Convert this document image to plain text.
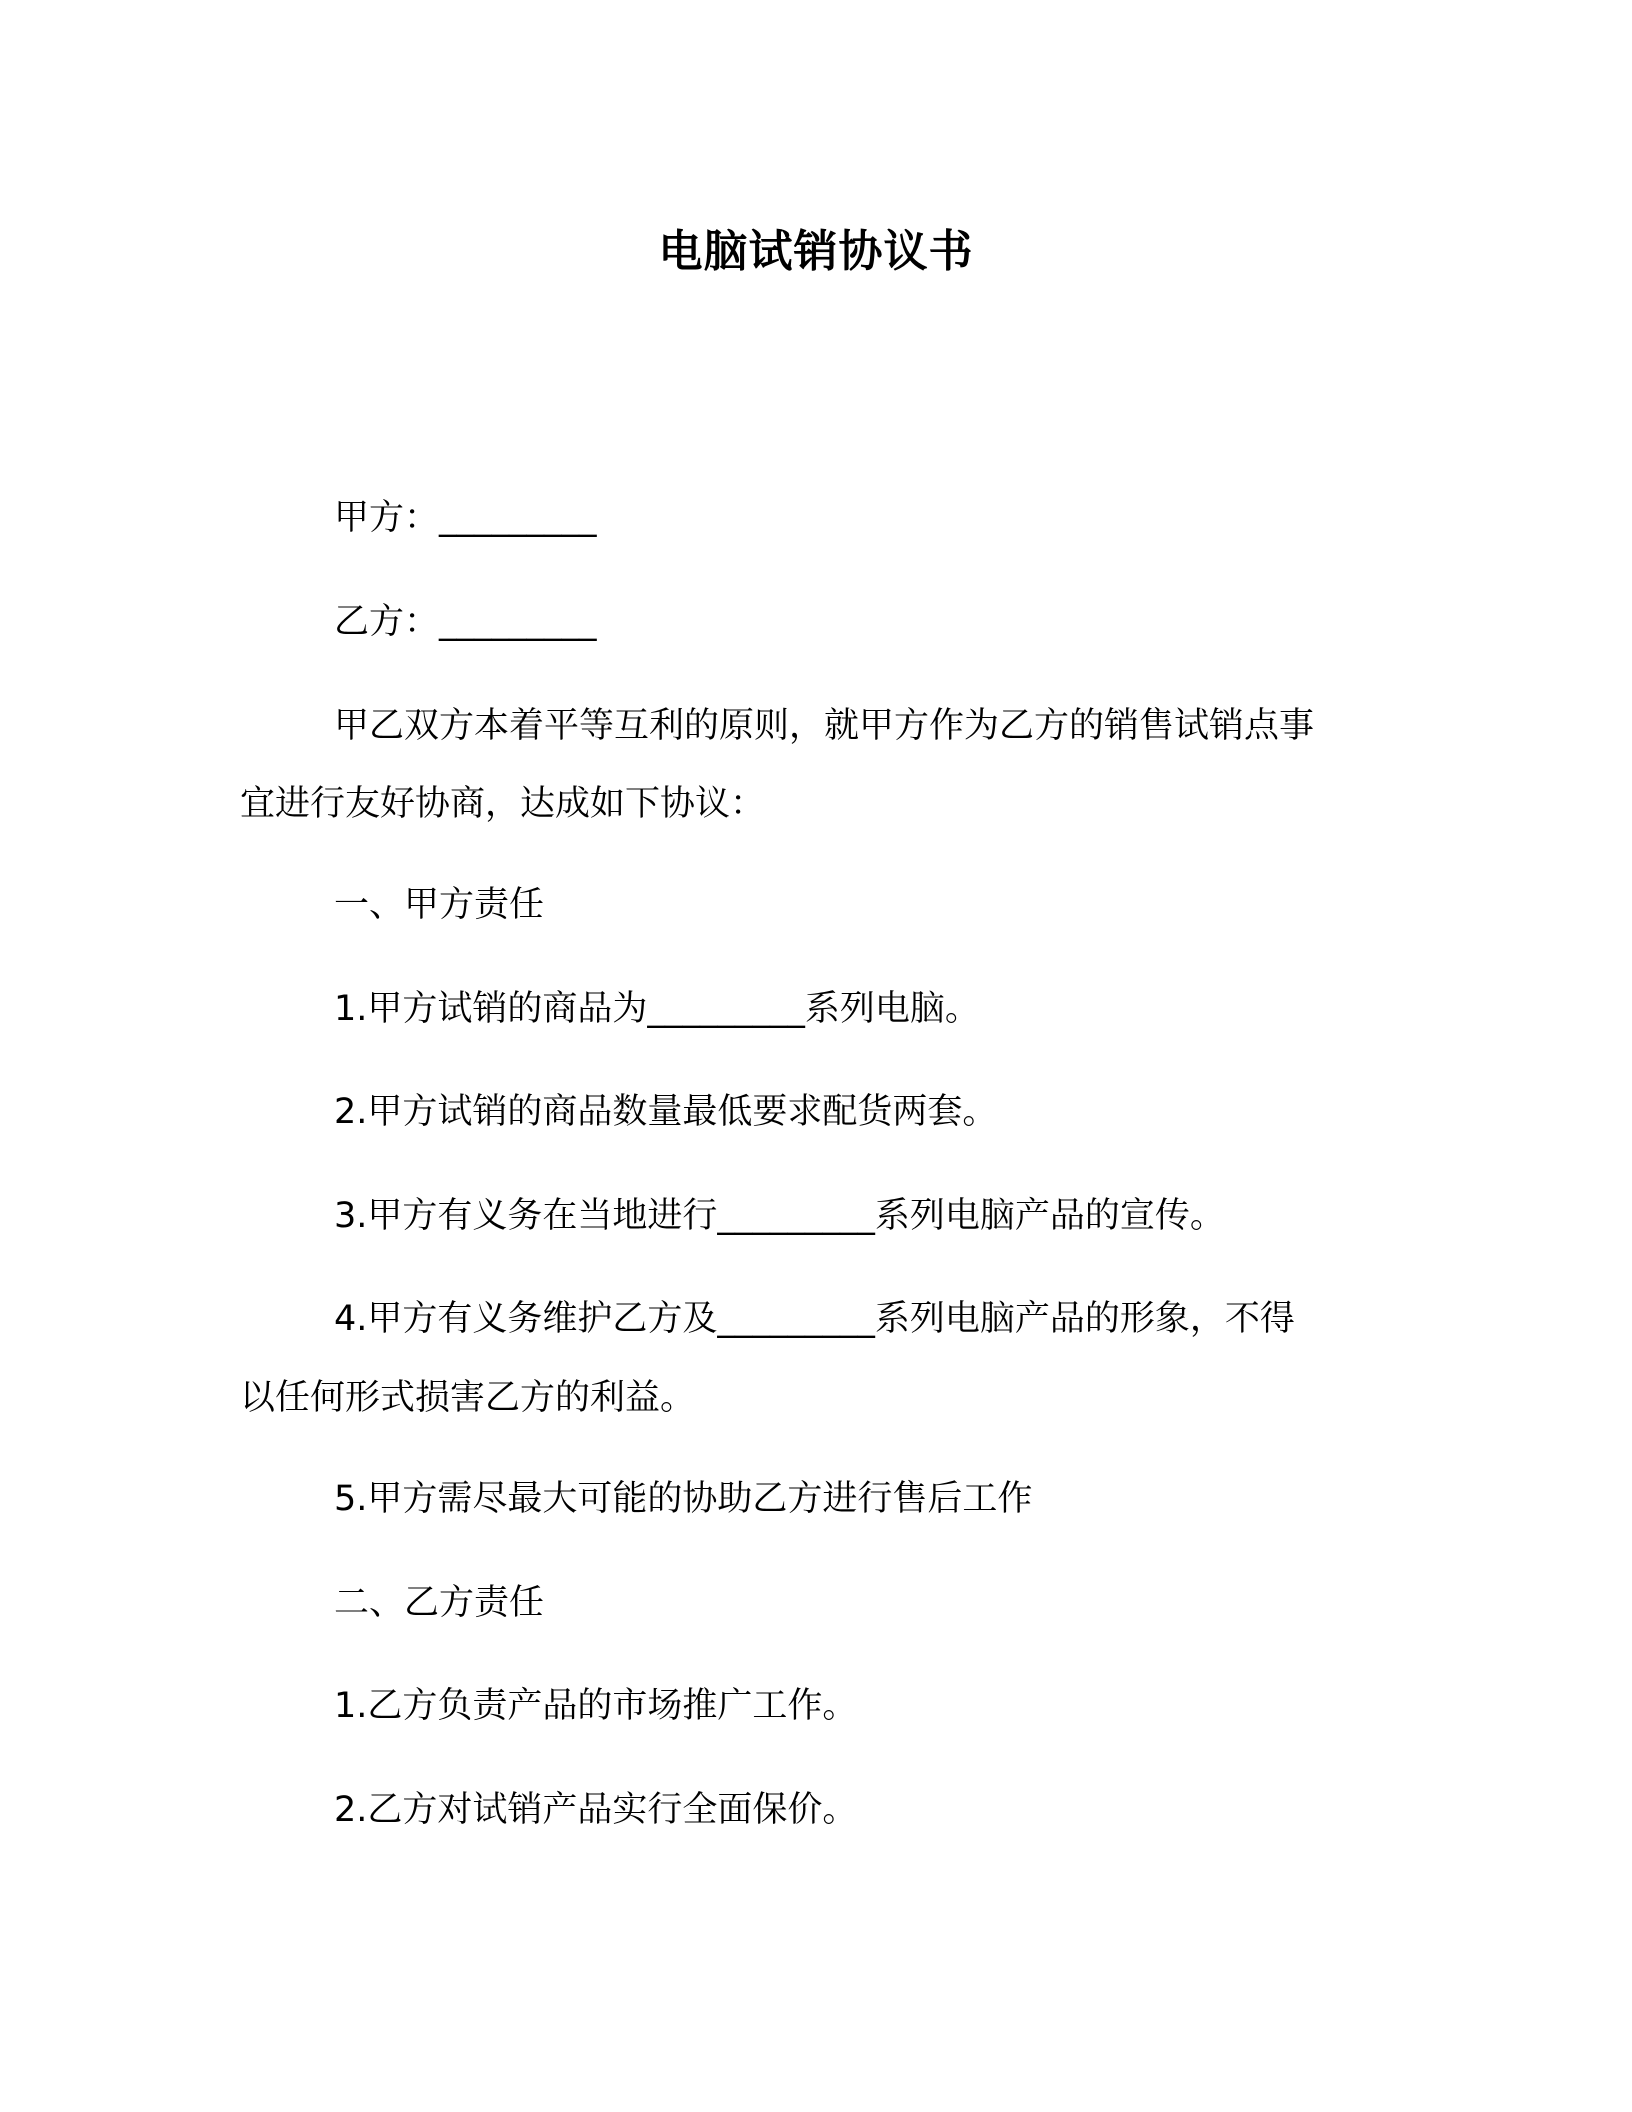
电脑试销协议书
甲方：_________
乙方：_________
甲乙双方本着平等互利的原则，就甲方作为乙方的销售试销点事
宜进行友好协商，达成如下协议：
一、甲方责任
1.甲方试销的商品为_________系列电脑。
2.甲方试销的商品数量最低要求配货两套。
3.甲方有义务在当地进行_________系列电脑产品的宣传。
4.甲方有义务维护乙方及_________系列电脑产品的形象，不得
以任何形式损害乙方的利益。
5.甲方需尽最大可能的协助乙方进行售后工作
二、乙方责任
1.乙方负责产品的市场推广工作。
2.乙方对试销产品实行全面保价。
